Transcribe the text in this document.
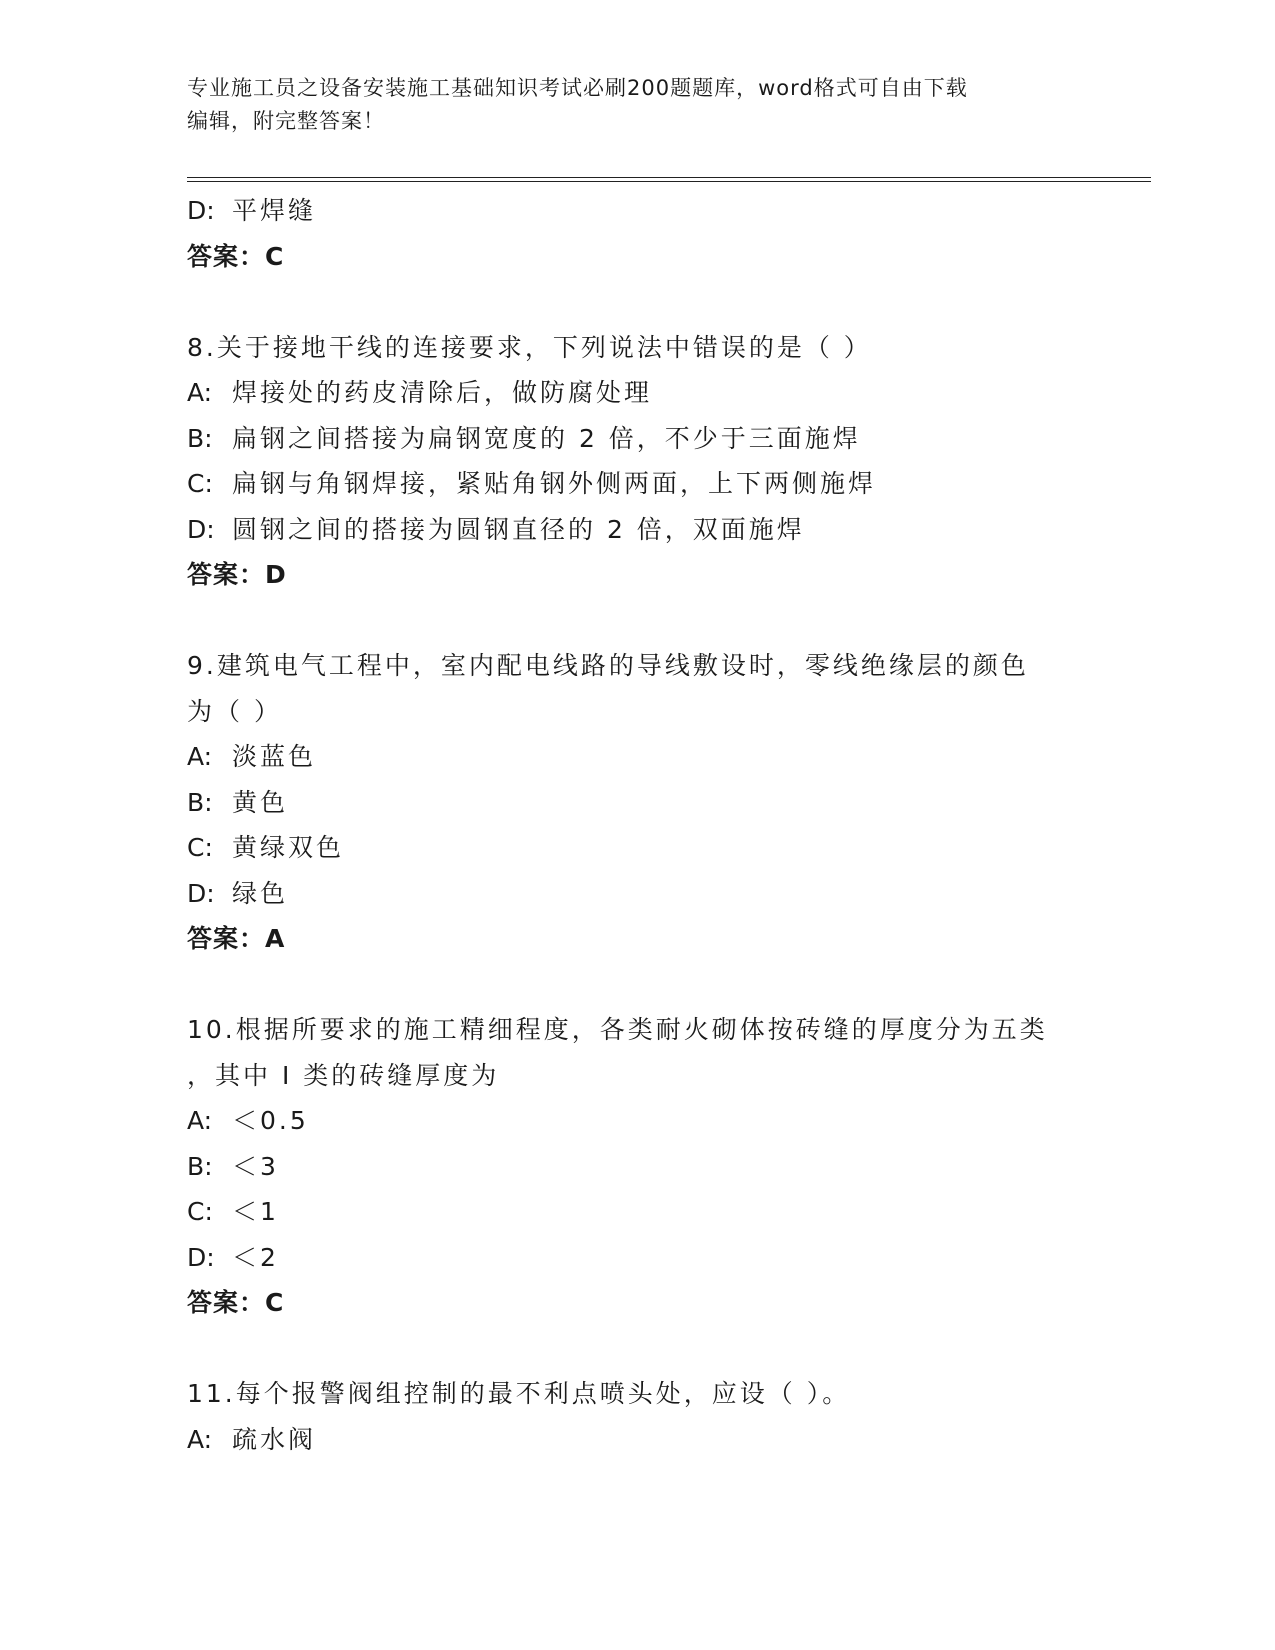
专业施工员之设备安装施工基础知识考试必刷200题题库，word格式可自由下载
编辑，附完整答案！
D: 平焊缝
答案：C
8.关于接地干线的连接要求，下列说法中错误的是（ ）
A: 焊接处的药皮清除后，做防腐处理
B: 扁钢之间搭接为扁钢宽度的 2 倍，不少于三面施焊
C: 扁钢与角钢焊接，紧贴角钢外侧两面，上下两侧施焊
D: 圆钢之间的搭接为圆钢直径的 2 倍，双面施焊
答案：D
9.建筑电气工程中，室内配电线路的导线敷设时，零线绝缘层的颜色
为（ ）
A: 淡蓝色
B: 黄色
C: 黄绿双色
D: 绿色
答案：A
10.根据所要求的施工精细程度，各类耐火砌体按砖缝的厚度分为五类
，其中 I 类的砖缝厚度为
A: ＜0.5
B: ＜3
C: ＜1
D: ＜2
答案：C
11.每个报警阀组控制的最不利点喷头处，应设（ ）。
A: 疏水阀
